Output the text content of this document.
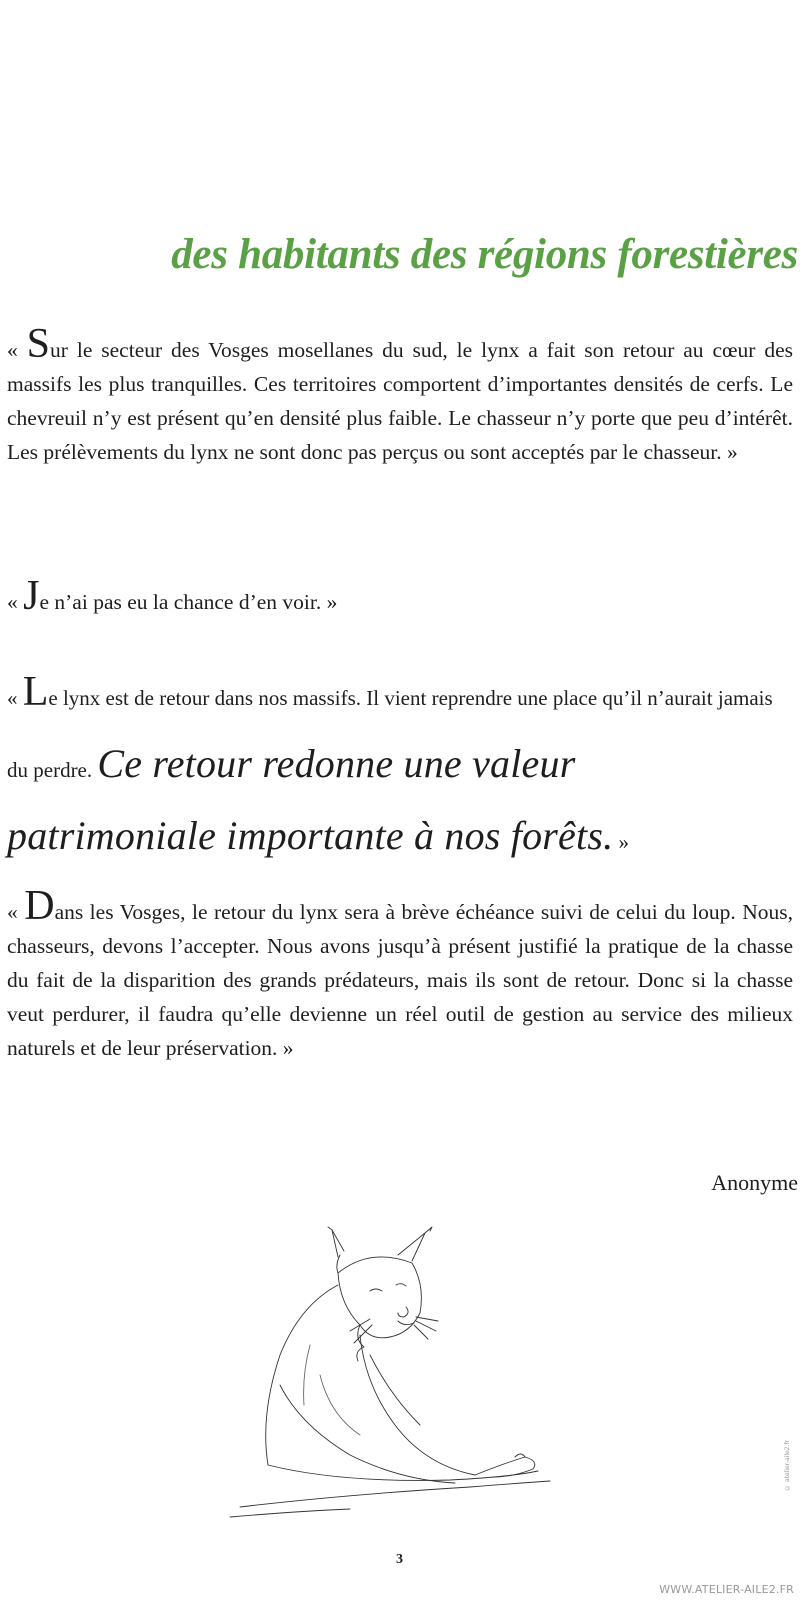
des habitants des régions forestières

« Sur le secteur des Vosges mosellanes du sud, le lynx a fait son retour au cœur des massifs les plus tranquilles. Ces territoires comportent d’importantes densités de cerfs. Le chevreuil n’y est présent qu’en densité plus faible. Le chasseur n’y porte que peu d’intérêt. Les prélèvements du lynx ne sont donc pas perçus ou sont acceptés par le chasseur. »

« Je n’ai pas eu la chance d’en voir. »

« Le lynx est de retour dans nos massifs. Il vient reprendre une place qu’il n’aurait jamais du perdre. Ce retour redonne une valeur patrimoniale importante à nos forêts. »

« Dans les Vosges, le retour du lynx sera à brève échéance suivi de celui du loup. Nous, chasseurs, devons l’accepter. Nous avons jusqu’à présent justifié la pratique de la chasse du fait de la disparition des grands prédateurs, mais ils sont de retour. Donc si la chasse veut perdurer, il faudra qu’elle devienne un réel outil de gestion au service des milieux naturels et de leur préservation. »

Anonyme
3
© atelier-aile2.fr
WWW.ATELIER-AILE2.FR
